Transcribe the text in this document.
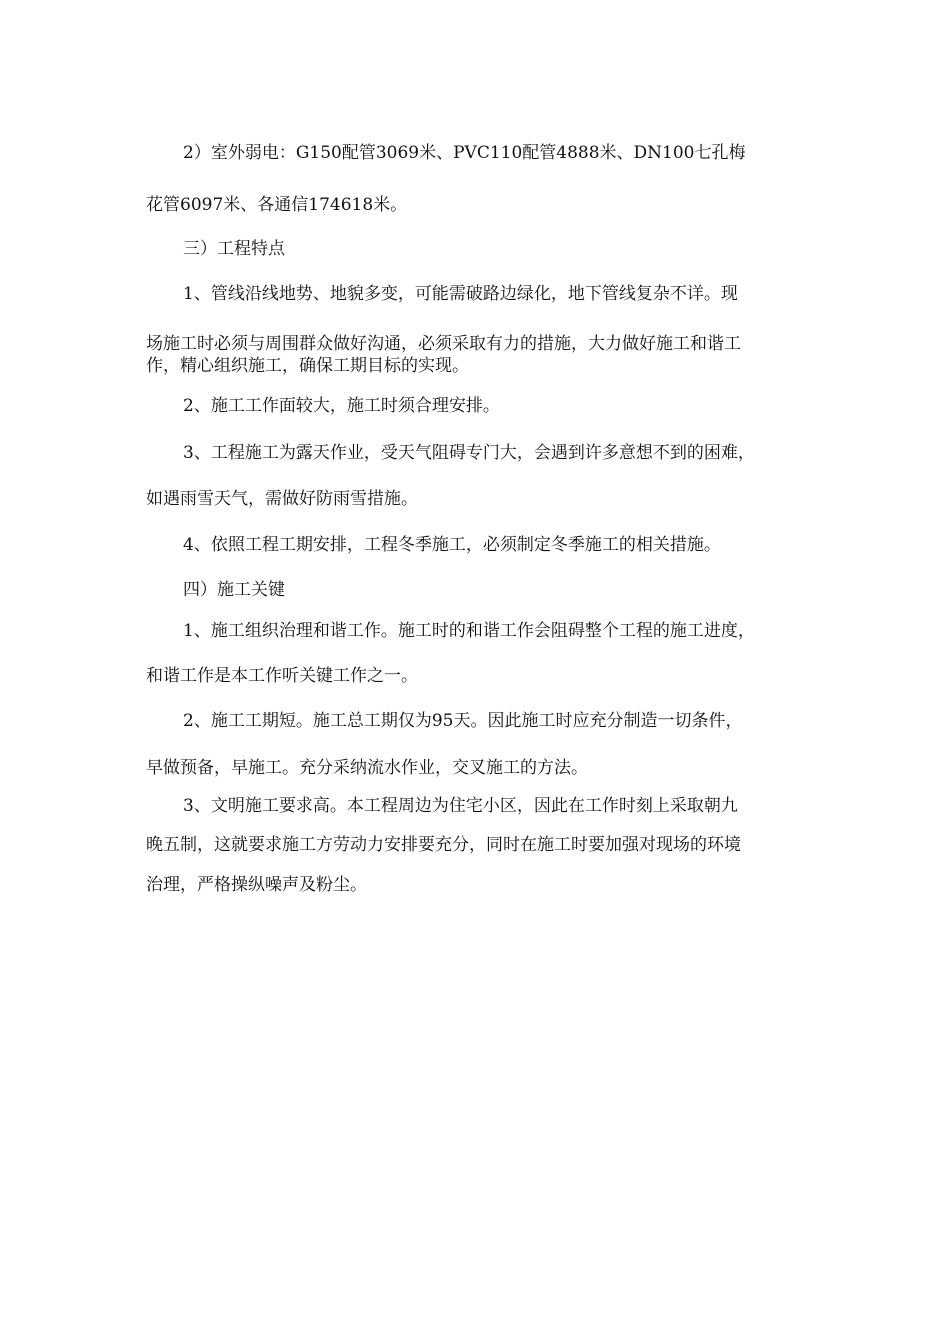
2）室外弱电：G150配管3069米、PVC110配管4888米、DN100七孔梅

花管6097米、各通信174618米。

三）工程特点

1、管线沿线地势、地貌多变，可能需破路边绿化，地下管线复杂不详。现

场施工时必须与周围群众做好沟通，必须采取有力的措施，大力做好施工和谐工

作，精心组织施工，确保工期目标的实现。

2、施工工作面较大，施工时须合理安排。

3、工程施工为露天作业，受天气阻碍专门大，会遇到许多意想不到的困难，

如遇雨雪天气，需做好防雨雪措施。

4、依照工程工期安排，工程冬季施工，必须制定冬季施工的相关措施。

四）施工关键

1、施工组织治理和谐工作。施工时的和谐工作会阻碍整个工程的施工进度，

和谐工作是本工作听关键工作之一。

2、施工工期短。施工总工期仅为95天。因此施工时应充分制造一切条件，

早做预备，早施工。充分采纳流水作业，交叉施工的方法。

3、文明施工要求高。本工程周边为住宅小区，因此在工作时刻上采取朝九

晚五制，这就要求施工方劳动力安排要充分，同时在施工时要加强对现场的环境

治理，严格操纵噪声及粉尘。
